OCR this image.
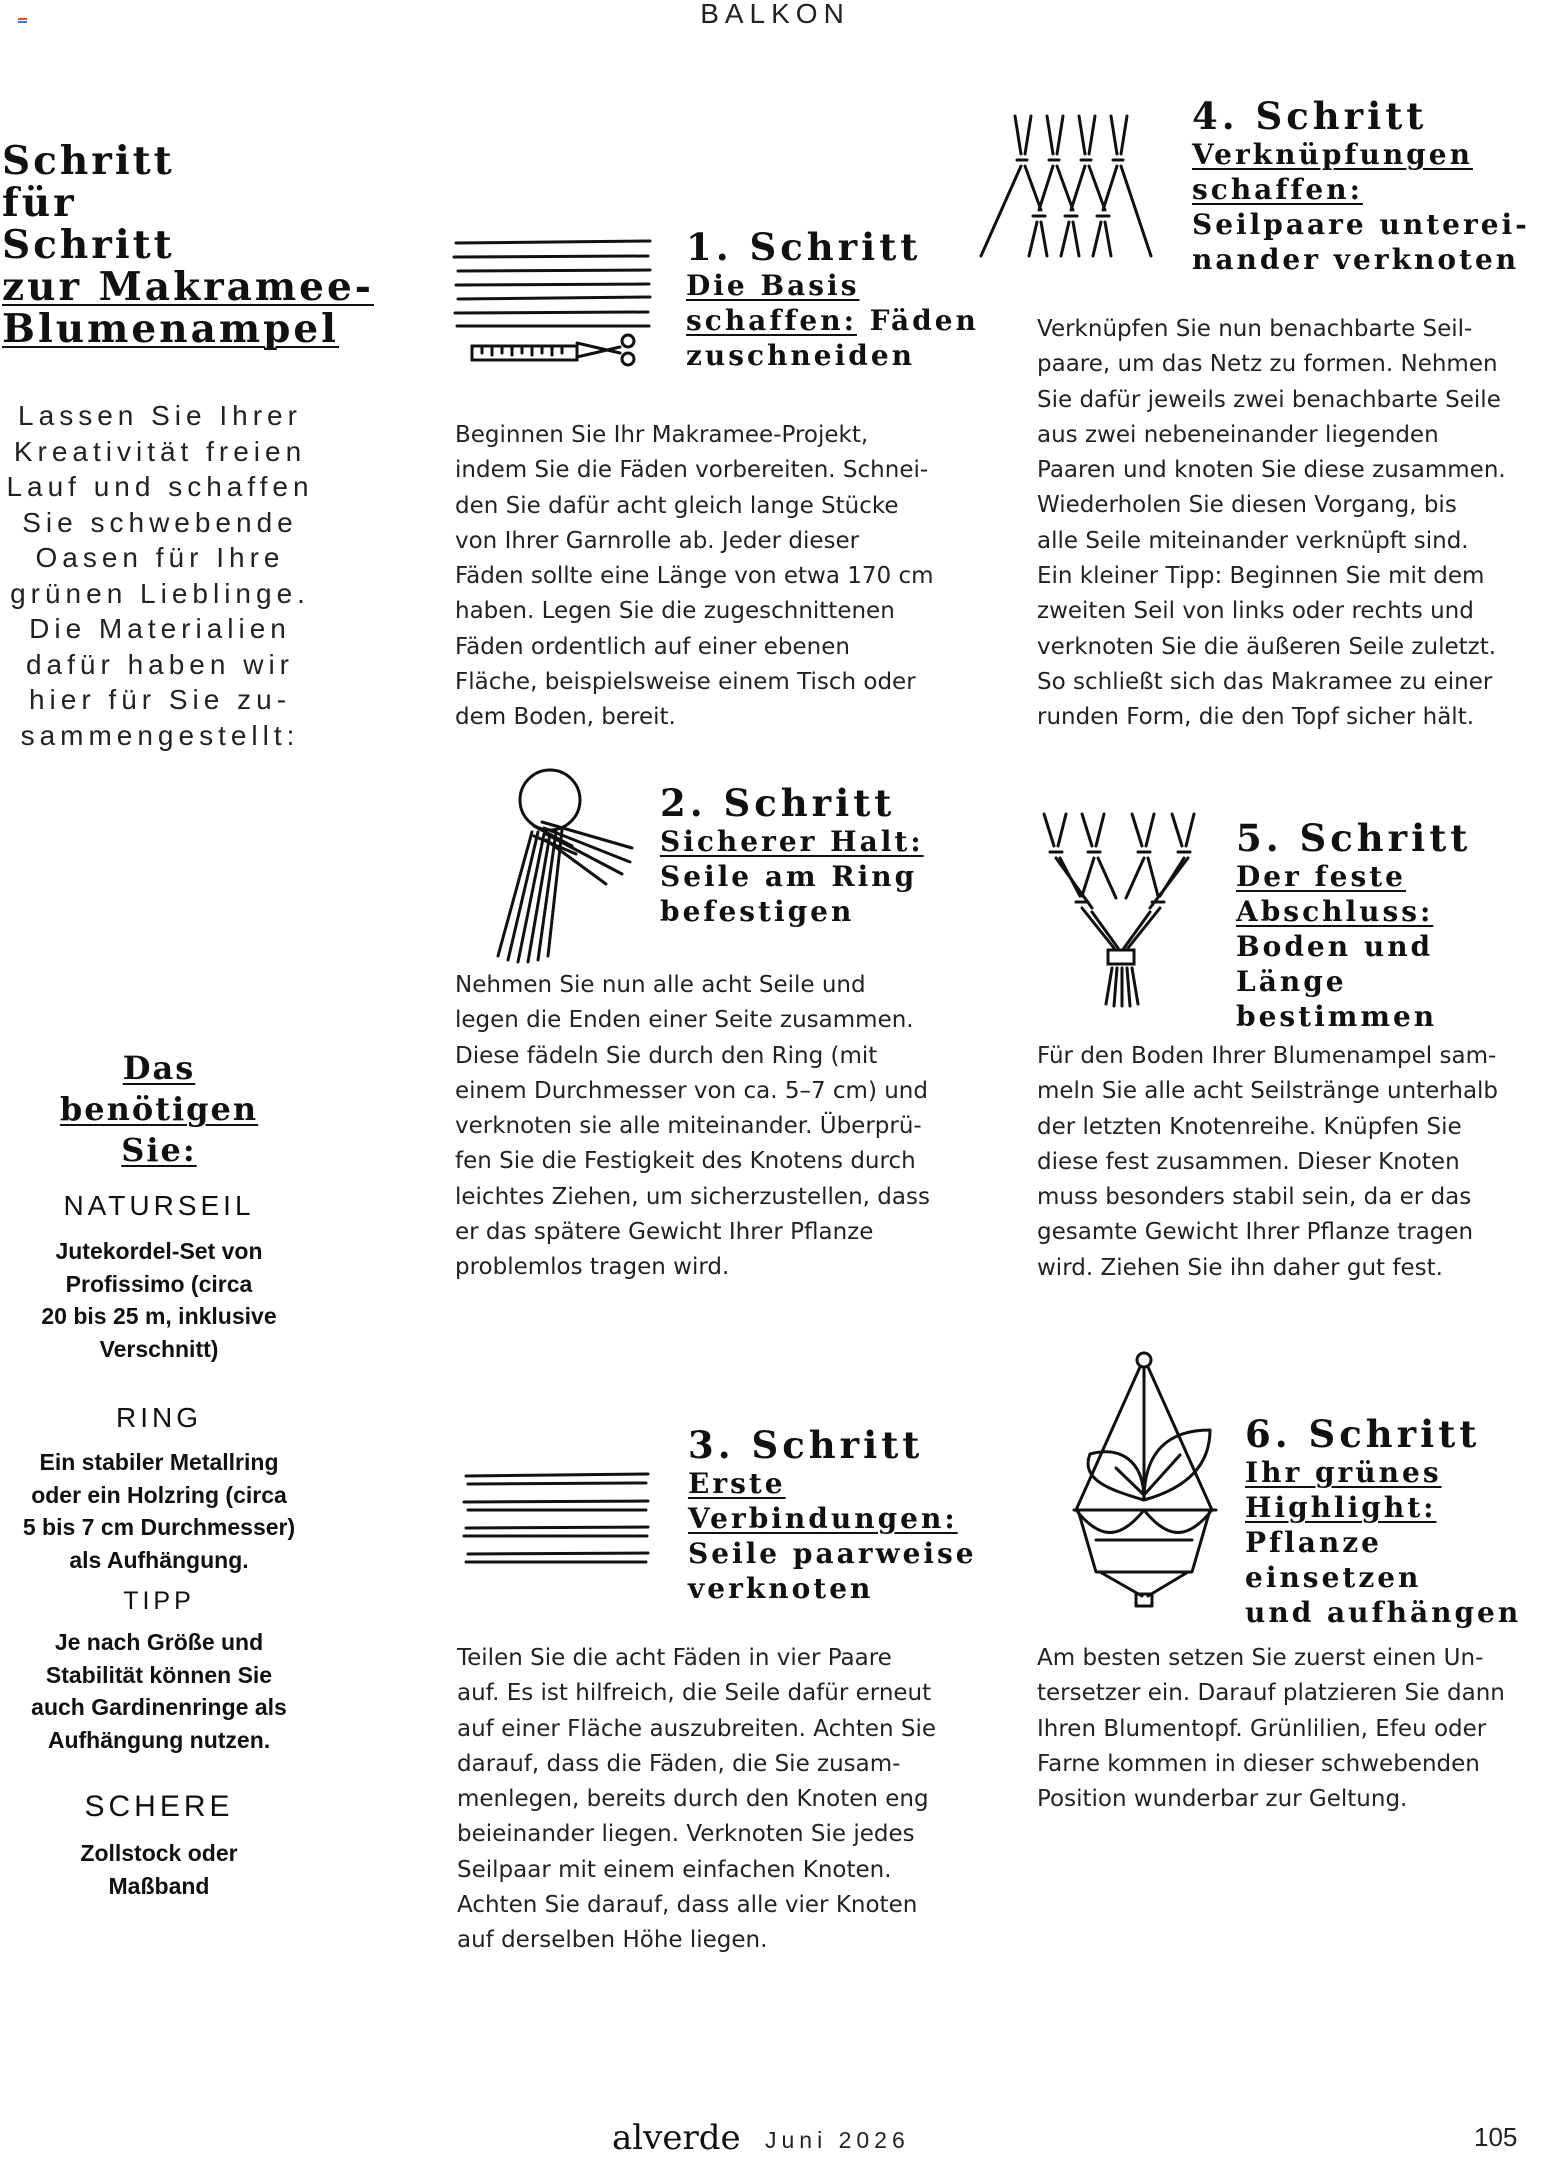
BALKON
Schritt
für
Schritt
zur Makramee-
Blumenampel
Lassen Sie Ihrer
Kreativität freien
Lauf und schaffen
Sie schwebende
Oasen für Ihre
grünen Lieblinge.
Die Materialien
dafür haben wir
hier für Sie zu-
sammengestellt:
Das
benötigen
Sie:
NATURSEIL
Jutekordel-Set von
Profissimo (circa
20 bis 25 m, inklusive
Verschnitt)
RING
Ein stabiler Metallring
oder ein Holzring (circa
5 bis 7 cm Durchmesser)
als Aufhängung.
TIPP
Je nach Größe und
Stabilität können Sie
auch Gardinenringe als
Aufhängung nutzen.
SCHERE
Zollstock oder
Maßband
1. Schritt
Die Basis
schaffen: Fäden
zuschneiden
Beginnen Sie Ihr Makramee-Projekt,
indem Sie die Fäden vorbereiten. Schnei-
den Sie dafür acht gleich lange Stücke
von Ihrer Garnrolle ab. Jeder dieser
Fäden sollte eine Länge von etwa 170 cm
haben. Legen Sie die zugeschnittenen
Fäden ordentlich auf einer ebenen
Fläche, beispielsweise einem Tisch oder
dem Boden, bereit.
2. Schritt
Sicherer Halt:
Seile am Ring
befestigen
Nehmen Sie nun alle acht Seile und
legen die Enden einer Seite zusammen.
Diese fädeln Sie durch den Ring (mit
einem Durchmesser von ca. 5–7 cm) und
verknoten sie alle miteinander. Überprü-
fen Sie die Festigkeit des Knotens durch
leichtes Ziehen, um sicherzustellen, dass
er das spätere Gewicht Ihrer Pflanze
problemlos tragen wird.
3. Schritt
Erste
Verbindungen:
Seile paarweise
verknoten
Teilen Sie die acht Fäden in vier Paare
auf. Es ist hilfreich, die Seile dafür erneut
auf einer Fläche auszubreiten. Achten Sie
darauf, dass die Fäden, die Sie zusam-
menlegen, bereits durch den Knoten eng
beieinander liegen. Verknoten Sie jedes
Seilpaar mit einem einfachen Knoten.
Achten Sie darauf, dass alle vier Knoten
auf derselben Höhe liegen.
4. Schritt
Verknüpfungen
schaffen:
Seilpaare unterei-
nander verknoten
Verknüpfen Sie nun benachbarte Seil-
paare, um das Netz zu formen. Nehmen
Sie dafür jeweils zwei benachbarte Seile
aus zwei nebeneinander liegenden
Paaren und knoten Sie diese zusammen.
Wiederholen Sie diesen Vorgang, bis
alle Seile miteinander verknüpft sind.
Ein kleiner Tipp: Beginnen Sie mit dem
zweiten Seil von links oder rechts und
verknoten Sie die äußeren Seile zuletzt.
So schließt sich das Makramee zu einer
runden Form, die den Topf sicher hält.
5. Schritt
Der feste
Abschluss:
Boden und Länge
bestimmen
Für den Boden Ihrer Blumenampel sam-
meln Sie alle acht Seilstränge unterhalb
der letzten Knotenreihe. Knüpfen Sie
diese fest zusammen. Dieser Knoten
muss besonders stabil sein, da er das
gesamte Gewicht Ihrer Pflanze tragen
wird. Ziehen Sie ihn daher gut fest.
6. Schritt
Ihr grünes
Highlight:
Pflanze einsetzen
und aufhängen
Am besten setzen Sie zuerst einen Un-
tersetzer ein. Darauf platzieren Sie dann
Ihren Blumentopf. Grünlilien, Efeu oder
Farne kommen in dieser schwebenden
Position wunderbar zur Geltung.
alverde Juni 2026	105
